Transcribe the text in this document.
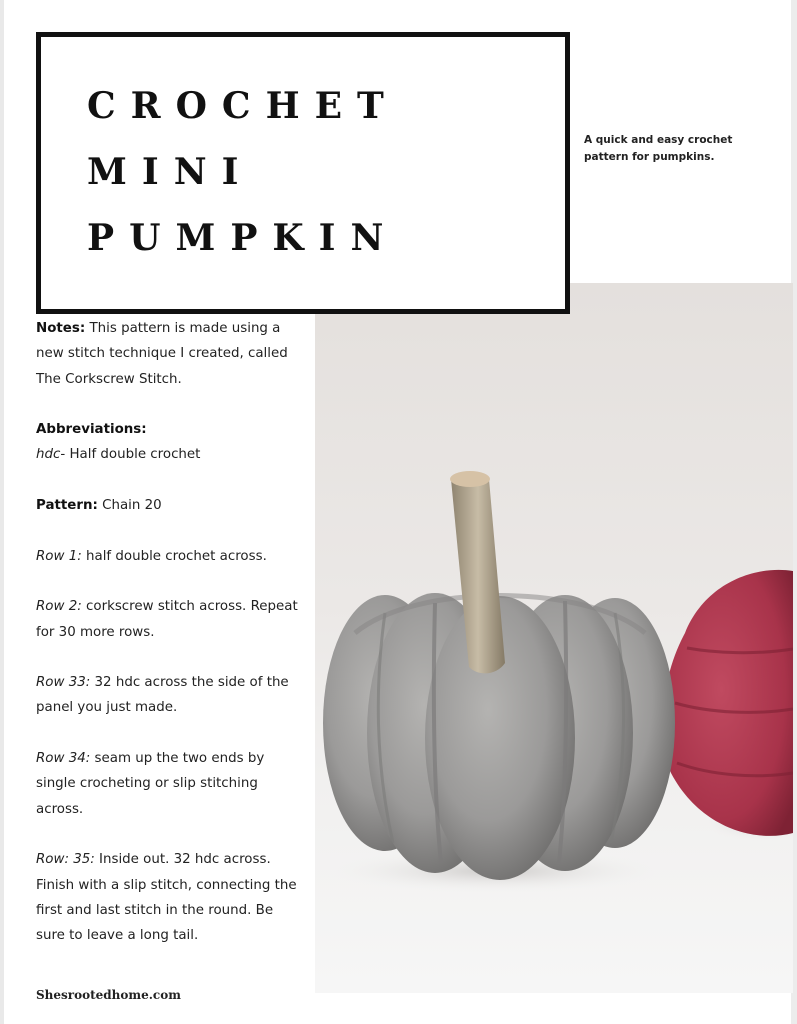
CROCHET
MINI
PUMPKIN
A quick and easy crochet pattern for pumpkins.

Notes: This pattern is made using a new stitch technique I created, called The Corkscrew Stitch.

Abbreviations:
hdc- Half double crochet

Pattern: Chain 20

Row 1: half double crochet across.

Row 2: corkscrew stitch across. Repeat for 30 more rows.

Row 33: 32 hdc across the side of the panel you just made.

Row 34: seam up the two ends by single crocheting or slip stitching across.

Row: 35: Inside out. 32 hdc across. Finish with a slip stitch, connecting the first and last stitch in the round. Be sure to leave a long tail.

Shesrootedhome.com
